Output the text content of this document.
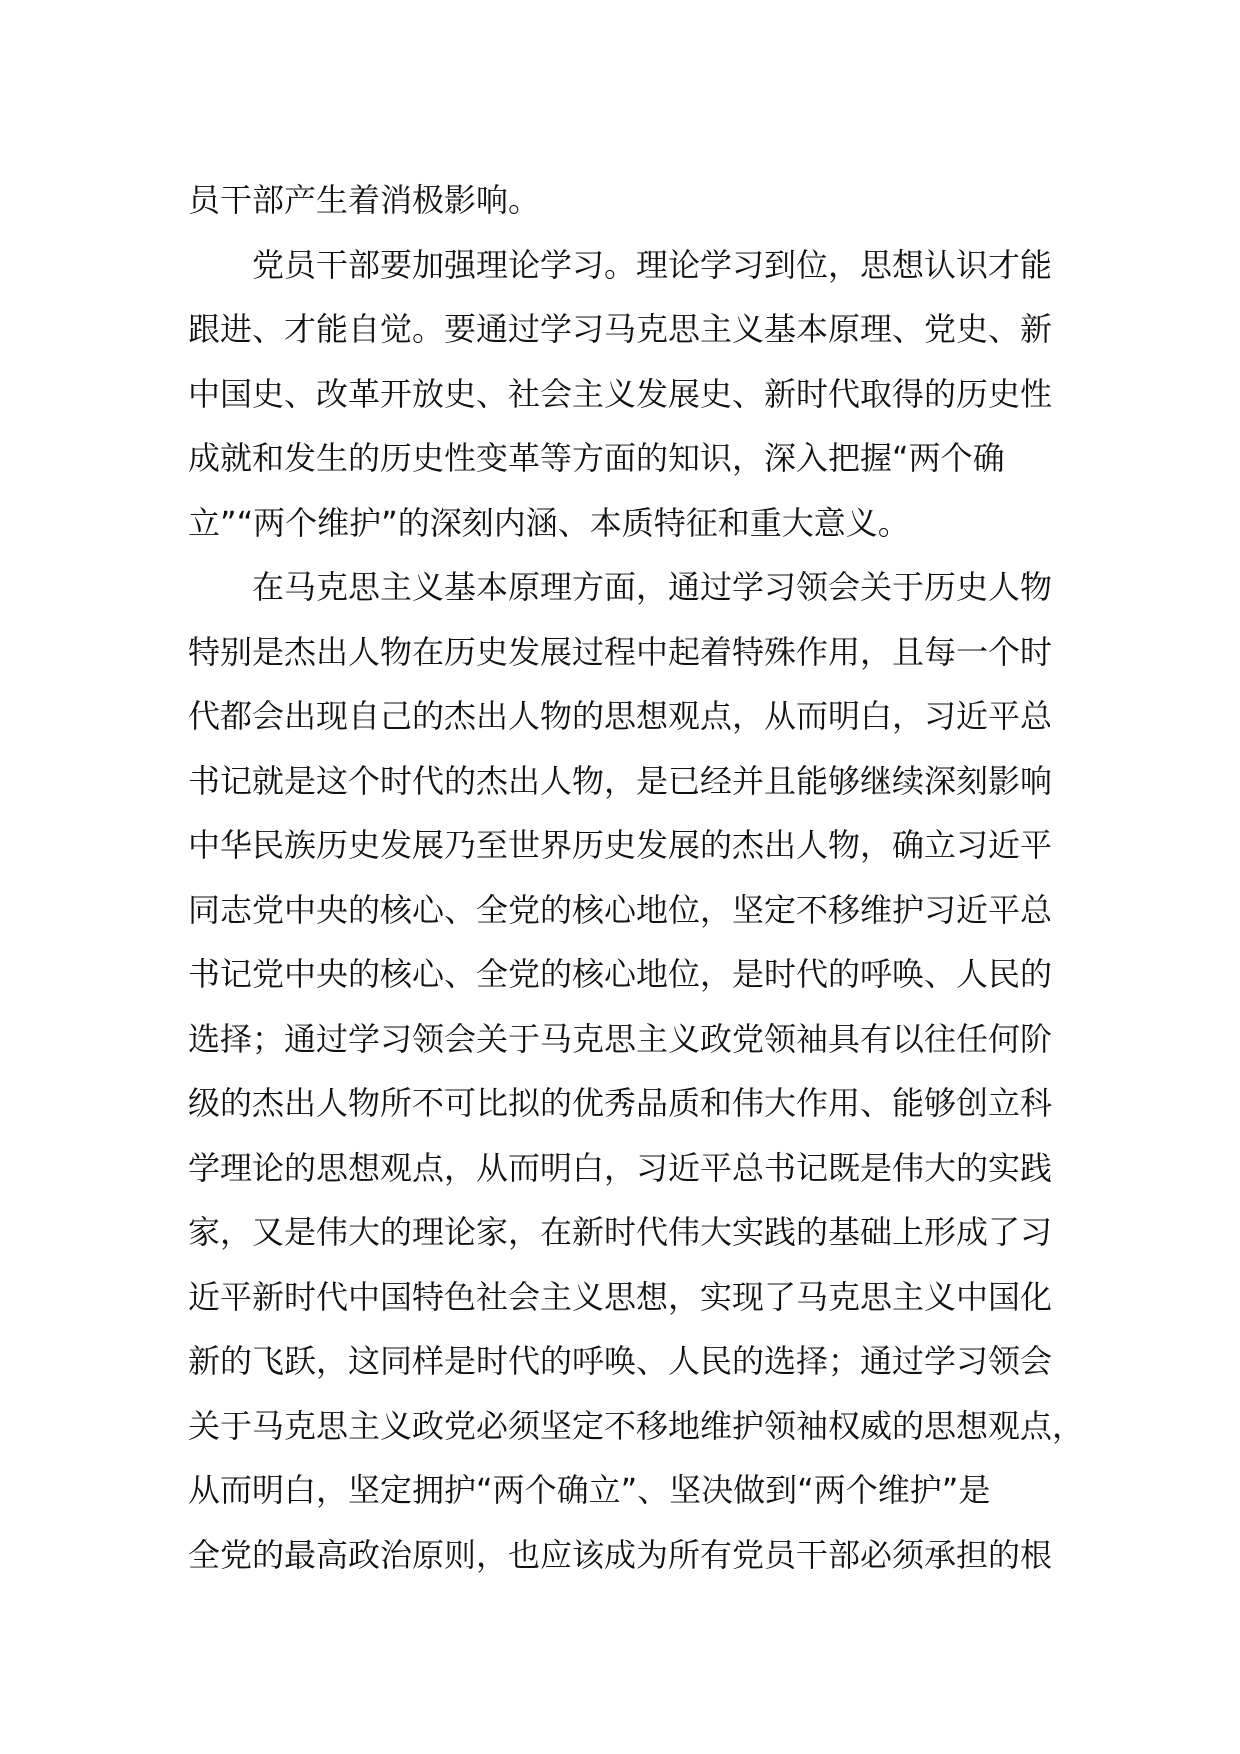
员干部产生着消极影响。
党员干部要加强理论学习。理论学习到位，思想认识才能
跟进、才能自觉。要通过学习马克思主义基本原理、党史、新
中国史、改革开放史、社会主义发展史、新时代取得的历史性
成就和发生的历史性变革等方面的知识，深入把握“两个确
立”“两个维护”的深刻内涵、本质特征和重大意义。
在马克思主义基本原理方面，通过学习领会关于历史人物
特别是杰出人物在历史发展过程中起着特殊作用，且每一个时
代都会出现自己的杰出人物的思想观点，从而明白，习近平总
书记就是这个时代的杰出人物，是已经并且能够继续深刻影响
中华民族历史发展乃至世界历史发展的杰出人物，确立习近平
同志党中央的核心、全党的核心地位，坚定不移维护习近平总
书记党中央的核心、全党的核心地位，是时代的呼唤、人民的
选择；通过学习领会关于马克思主义政党领袖具有以往任何阶
级的杰出人物所不可比拟的优秀品质和伟大作用、能够创立科
学理论的思想观点，从而明白，习近平总书记既是伟大的实践
家，又是伟大的理论家，在新时代伟大实践的基础上形成了习
近平新时代中国特色社会主义思想，实现了马克思主义中国化
新的飞跃，这同样是时代的呼唤、人民的选择；通过学习领会
关于马克思主义政党必须坚定不移地维护领袖权威的思想观点，
从而明白，坚定拥护“两个确立”、坚决做到“两个维护”是
全党的最高政治原则，也应该成为所有党员干部必须承担的根
